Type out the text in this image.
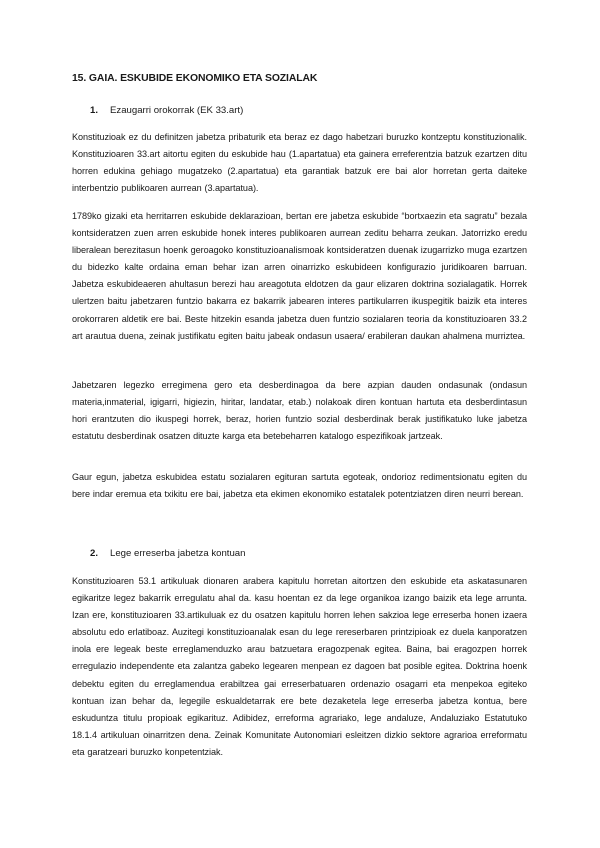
15. GAIA. ESKUBIDE EKONOMIKO ETA SOZIALAK
1. Ezaugarri orokorrak (EK 33.art)

Konstituzioak ez du definitzen jabetza pribaturik eta beraz ez dago habetzari buruzko kontzeptu konstituzionalik. Konstituzioaren 33.art aitortu egiten du eskubide hau (1.apartatua) eta gainera erreferentzia batzuk ezartzen ditu horren edukina gehiago mugatzeko (2.apartatua) eta garantiak batzuk ere bai alor horretan gerta daiteke interbentzio publikoaren aurrean (3.apartatua).

1789ko gizaki eta herritarren eskubide deklarazioan, bertan ere jabetza eskubide “bortxaezin eta sagratu” bezala kontsideratzen zuen arren eskubide honek interes publikoaren aurrean zeditu beharra zeukan. Jatorrizko eredu liberalean berezitasun hoenk geroagoko konstituzioanalismoak kontsideratzen duenak izugarrizko muga ezartzen du bidezko kalte ordaina eman behar izan arren oinarrizko eskubideen konfigurazio juridikoaren barruan. Jabetza eskubideaeren ahultasun berezi hau areagotuta eldotzen da gaur elizaren doktrina sozialagatik. Horrek ulertzen baitu jabetzaren funtzio bakarra ez bakarrik jabearen interes partikularren ikuspegitik baizik eta interes orokorraren aldetik ere bai. Beste hitzekin esanda jabetza duen funtzio sozialaren teoria da konstituzioaren 33.2 art arautua duena, zeinak justifikatu egiten baitu jabeak ondasun usaera/ erabileran daukan ahalmena murriztea.

Jabetzaren legezko erregimena gero eta desberdinagoa da bere azpian dauden ondasunak (ondasun materia,inmaterial, igigarri, higiezin, hiritar, landatar, etab.) nolakoak diren kontuan hartuta eta desberdintasun hori erantzuten dio ikuspegi horrek, beraz, horien funtzio sozial desberdinak berak justifikatuko luke jabetza estatutu desberdinak osatzen dituzte karga eta betebeharren katalogo espezifikoak jartzeak.

Gaur egun, jabetza eskubidea estatu sozialaren egituran sartuta egoteak, ondorioz redimentsionatu egiten du bere indar eremua eta txikitu ere bai, jabetza eta ekimen ekonomiko estatalek potentziatzen diren neurri berean.

2. Lege erreserba jabetza kontuan

Konstituzioaren 53.1 artikuluak dionaren arabera kapitulu horretan aitortzen den eskubide eta askatasunaren egikaritze legez bakarrik erregulatu ahal da. kasu hoentan ez da lege organikoa izango baizik eta lege arrunta. Izan ere, konstituzioaren 33.artikuluak ez du osatzen kapitulu horren lehen sakzioa lege erreserba honen izaera absolutu edo erlatiboaz. Auzitegi konstituzioanalak esan du lege rereserbaren printzipioak ez duela kanporatzen inola ere legeak beste erreglamenduzko arau batzuetara eragozpenak egitea. Baina, bai eragozpen horrek erregulazio independente eta zalantza gabeko legearen menpean ez dagoen bat posible egitea. Doktrina hoenk debektu egiten du erreglamendua erabiltzea gai erreserbatuaren ordenazio osagarri eta menpekoa egiteko kontuan izan behar da, legegile eskualdetarrak ere bete dezaketela lege erreserba jabetza kontua, bere eskuduntza titulu propioak egikarituz. Adibidez, erreforma agrariako, lege andaluze, Andaluziako Estatutuko 18.1.4 artikuluan oinarritzen dena. Zeinak Komunitate Autonomiari esleitzen dizkio sektore agrarioa erreformatu eta garatzeari buruzko konpetentziak.
